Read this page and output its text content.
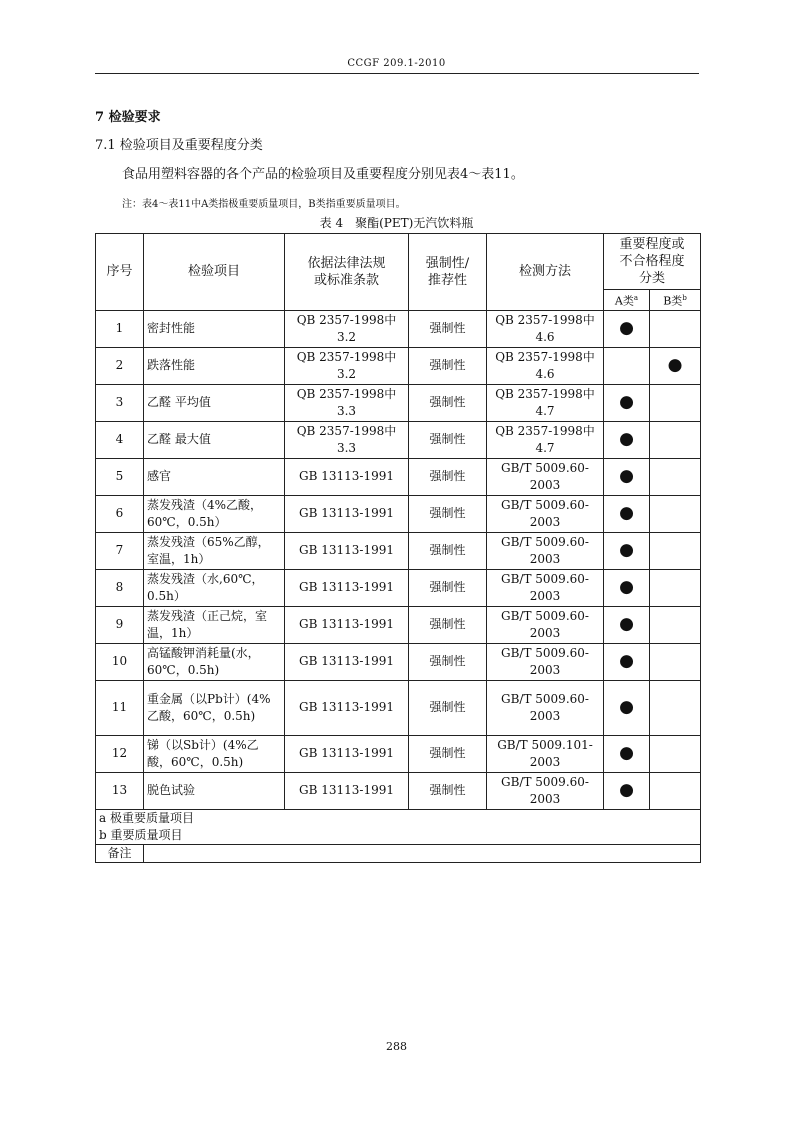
CCGF 209.1-2010
7 检验要求
7.1 检验项目及重要程度分类
食品用塑料容器的各个产品的检验项目及重要程度分别见表4～表11。
注：表4～表11中A类指极重要质量项目，B类指重要质量项目。
表 4　聚酯(PET)无汽饮料瓶
序号	检验项目	依据法律法规或标准条款	强制性/推荐性	检测方法	重要程度或不合格程度分类	
					A类$^a$	B类$^b$
1	密封性能	QB 2357-1998中3.2	强制性	QB 2357-1998中4.6	●	
2	跌落性能	QB 2357-1998中3.2	强制性	QB 2357-1998中4.6		●
3	乙醛 平均值	QB 2357-1998中3.3	强制性	QB 2357-1998中4.7	●	
4	乙醛 最大值	QB 2357-1998中3.3	强制性	QB 2357-1998中4.7	●	
5	感官	GB 13113-1991	强制性	GB/T 5009.60-2003	●	
6	蒸发残渣（4%乙酸，60℃，0.5h）	GB 13113-1991	强制性	GB/T 5009.60-2003	●	
7	蒸发残渣（65%乙醇，室温，1h）	GB 13113-1991	强制性	GB/T 5009.60-2003	●	
8	蒸发残渣（水,60℃，0.5h）	GB 13113-1991	强制性	GB/T 5009.60-2003	●	
9	蒸发残渣（正己烷，室温，1h）	GB 13113-1991	强制性	GB/T 5009.60-2003	●	
10	高锰酸钾消耗量(水，60℃，0.5h)	GB 13113-1991	强制性	GB/T 5009.60-2003	●	
11	重金属（以Pb计）(4%乙酸，60℃，0.5h)	GB 13113-1991	强制性	GB/T 5009.60-2003	●	
12	锑（以Sb计）(4%乙酸，60℃，0.5h)	GB 13113-1991	强制性	GB/T 5009.101-2003	●	
13	脱色试验	GB 13113-1991	强制性	GB/T 5009.60-2003	●	

a 极重要质量项目
b 重要质量项目						

备注						
288
